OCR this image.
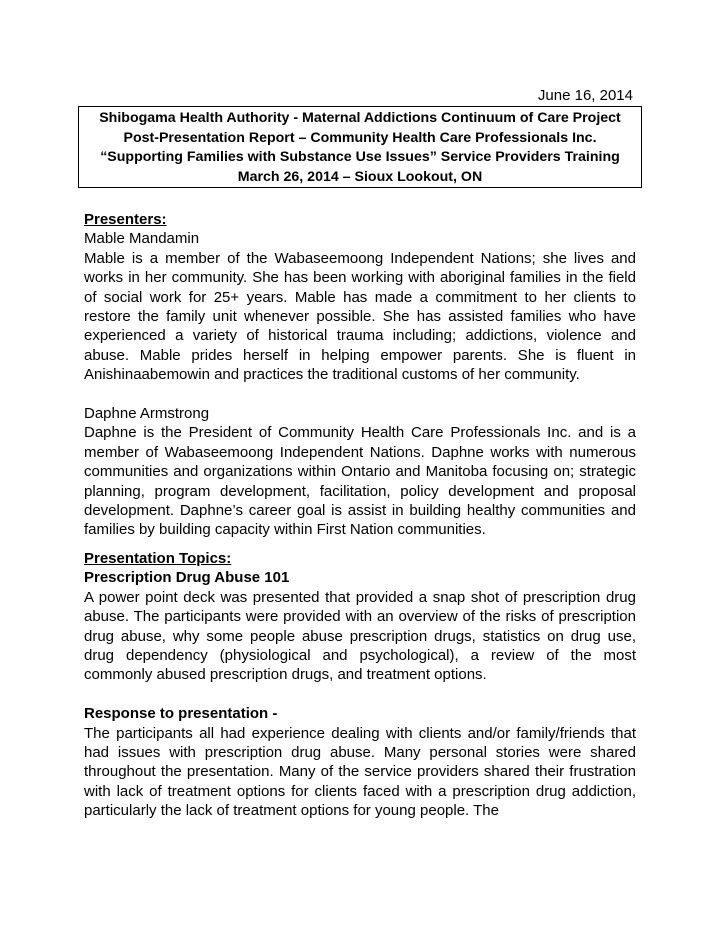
June 16, 2014
Shibogama Health Authority - Maternal Addictions Continuum of Care Project
Post-Presentation Report – Community Health Care Professionals Inc.
“Supporting Families with Substance Use Issues” Service Providers Training
March 26, 2014 – Sioux Lookout, ON
Presenters:
Mable Mandamin

Mable is a member of the Wabaseemoong Independent Nations; she lives and works in her community. She has been working with aboriginal families in the field of social work for 25+ years. Mable has made a commitment to her clients to restore the family unit whenever possible. She has assisted families who have experienced a variety of historical trauma including; addictions, violence and abuse. Mable prides herself in helping empower parents. She is fluent in Anishinaabemowin and practices the traditional customs of her community.

Daphne Armstrong

Daphne is the President of Community Health Care Professionals Inc. and is a member of Wabaseemoong Independent Nations. Daphne works with numerous communities and organizations within Ontario and Manitoba focusing on; strategic planning, program development, facilitation, policy development and proposal development. Daphne’s career goal is assist in building healthy communities and families by building capacity within First Nation communities.

Presentation Topics:
Prescription Drug Abuse 101

A power point deck was presented that provided a snap shot of prescription drug abuse. The participants were provided with an overview of the risks of prescription drug abuse, why some people abuse prescription drugs, statistics on drug use, drug dependency (physiological and psychological), a review of the most commonly abused prescription drugs, and treatment options.

Response to presentation -

The participants all had experience dealing with clients and/or family/friends that had issues with prescription drug abuse. Many personal stories were shared throughout the presentation. Many of the service providers shared their frustration with lack of treatment options for clients faced with a prescription drug addiction, particularly the lack of treatment options for young people. The
